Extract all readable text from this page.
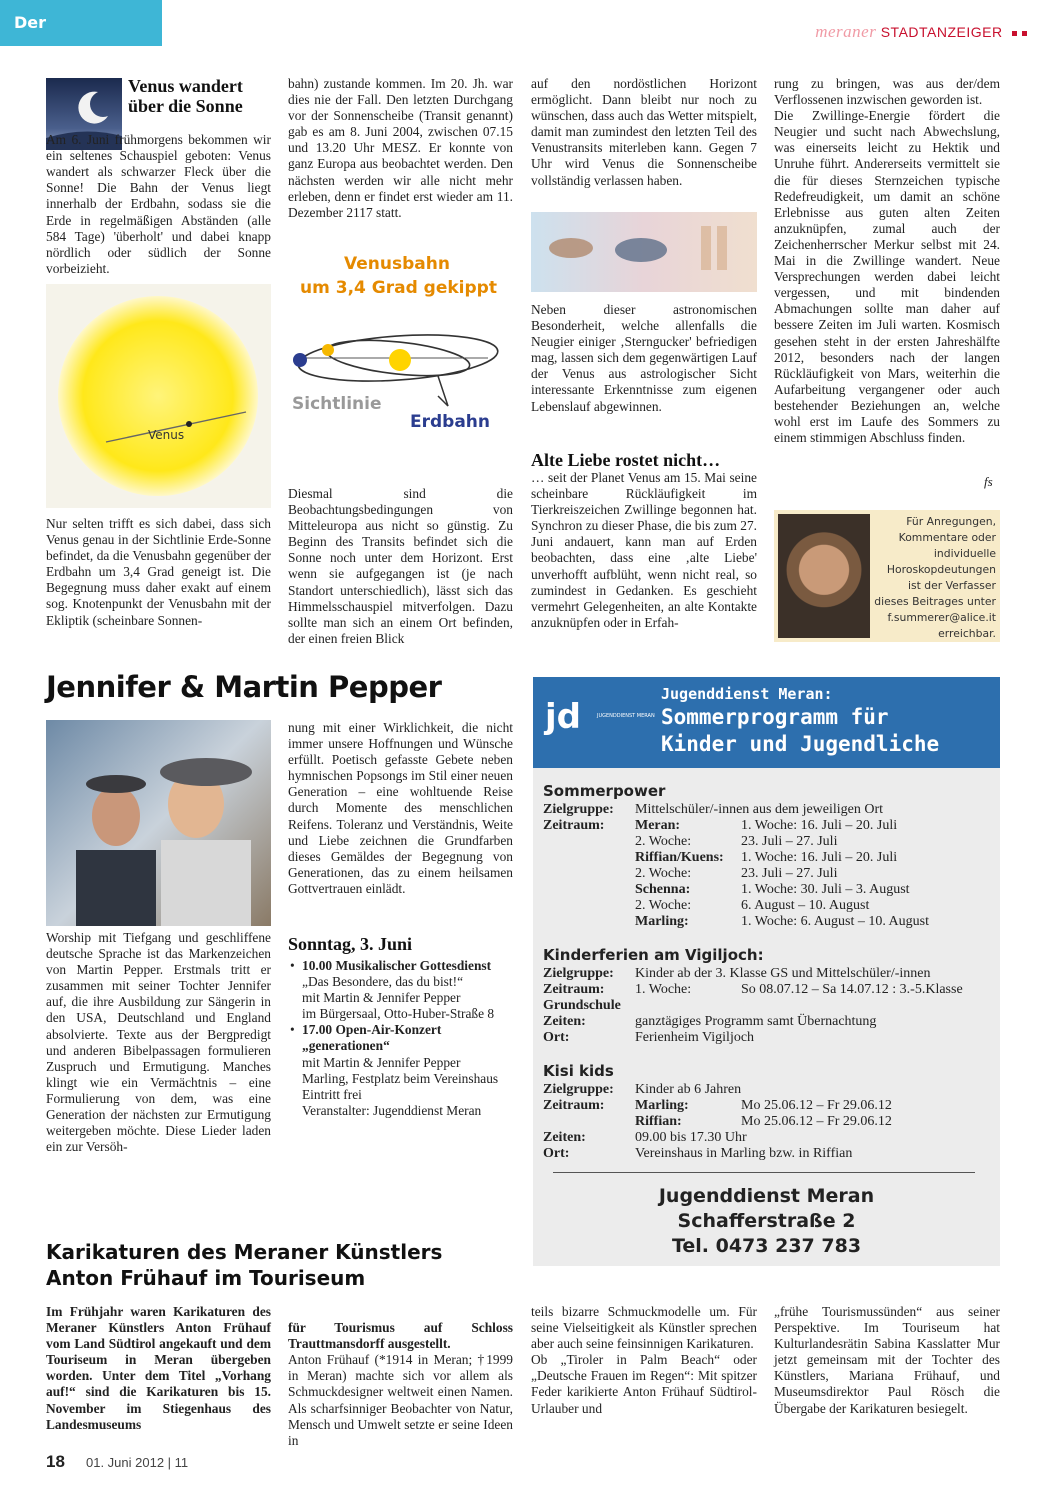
Der Sterngucker
meraner STADTANZEIGER
Venus wandert über die Sonne

Am 6. Juni frühmorgens bekommen wir ein seltenes Schauspiel geboten: Venus wandert als schwarzer Fleck über die Sonne! Die Bahn der Venus liegt innerhalb der Erdbahn, sodass sie die Erde in regelmäßigen Abständen (alle 584 Tage) 'überholt' und dabei knapp nördlich oder südlich der Sonne vorbeizieht.

Venus
Nur selten trifft es sich dabei, dass sich Venus genau in der Sichtlinie Erde-Sonne befindet, da die Venusbahn gegenüber der Erdbahn um 3,4 Grad geneigt ist. Die Begegnung muss daher exakt auf einem sog. Knotenpunkt der Venusbahn mit der Ekliptik (scheinbare Sonnen-
bahn) zustande kommen. Im 20. Jh. war dies nie der Fall. Den letzten Durchgang vor der Sonnenscheibe (Transit genannt) gab es am 8. Juni 2004, zwischen 07.15 und 13.20 Uhr MESZ. Er konnte von ganz Europa aus beobachtet werden. Den nächsten werden wir alle nicht mehr erleben, denn er findet erst wieder am 11. Dezember 2117 statt.
Venusbahn
um 3,4 Grad gekippt
Sichtlinie
Erdbahn
Diesmal sind die Beobachtungsbedingungen von Mitteleuropa aus nicht so günstig. Zu Beginn des Transits befindet sich die Sonne noch unter dem Horizont. Erst wenn sie aufgegangen ist (je nach Standort unterschiedlich), lässt sich das Himmelsschauspiel mitverfolgen. Dazu sollte man sich an einem Ort befinden, der einen freien Blick
auf den nordöstlichen Horizont ermöglicht. Dann bleibt nur noch zu wünschen, dass auch das Wetter mitspielt, damit man zumindest den letzten Teil des Venustransits miterleben kann. Gegen 7 Uhr wird Venus die Sonnenscheibe vollständig verlassen haben.
Neben dieser astronomischen Besonderheit, welche allenfalls die Neugier einiger ‚Sterngucker' befriedigen mag, lassen sich dem gegenwärtigen Lauf der Venus aus astrologischer Sicht interessante Erkenntnisse zum eigenen Lebenslauf abgewinnen.
Alte Liebe rostet nicht…
… seit der Planet Venus am 15. Mai seine scheinbare Rückläufigkeit im Tierkreiszeichen Zwillinge begonnen hat. Synchron zu dieser Phase, die bis zum 27. Juni andauert, kann man auf Erden beobachten, dass eine ‚alte Liebe' unverhofft aufblüht, wenn nicht real, so zumindest in Gedanken. Es geschieht vermehrt Gelegenheiten, an alte Kontakte anzuknüpfen oder in Erfah-
rung zu bringen, was aus der/dem Verflossenen inzwischen geworden ist.
Die Zwillinge-Energie fördert die Neugier und sucht nach Abwechslung, was einerseits leicht zu Hektik und Unruhe führt. Andererseits vermittelt sie die für dieses Sternzeichen typische Redefreudigkeit, um damit an schöne Erlebnisse aus guten alten Zeiten anzuknüpfen, zumal auch der Zeichenherrscher Merkur selbst mit 24. Mai in die Zwillinge wandert. Neue Versprechungen werden dabei leicht vergessen, und mit bindenden Abmachungen sollte man daher auf bessere Zeiten im Juli warten. Kosmisch gesehen steht in der ersten Jahreshälfte 2012, besonders nach der langen Rückläufigkeit von Mars, weiterhin die Aufarbeitung vergangener oder auch bestehender Beziehungen an, welche wohl erst im Laufe des Sommers zu einem stimmigen Abschluss finden.
fs
Für Anregungen, Kommentare oder individuelle Horoskopdeutungen ist der Verfasser dieses Beitrages unter f.summerer@alice.it erreichbar.
Jennifer & Martin Pepper
Worship mit Tiefgang und geschliffene deutsche Sprache ist das Markenzeichen von Martin Pepper. Erstmals tritt er zusammen mit seiner Tochter Jennifer auf, die ihre Ausbildung zur Sängerin in den USA, Deutschland und England absolvierte. Texte aus der Bergpredigt und anderen Bibelpassagen formulieren Zuspruch und Ermutigung. Manches klingt wie ein Vermächtnis – eine Formulierung von dem, was eine Generation der nächsten zur Ermutigung weitergeben möchte. Diese Lieder laden ein zur Versöh-
nung mit einer Wirklichkeit, die nicht immer unsere Hoffnungen und Wünsche erfüllt. Poetisch gefasste Gebete neben hymnischen Popsongs im Stil einer neuen Generation – eine wohltuende Reise durch Momente des menschlichen Reifens. Toleranz und Verständnis, Weite und Liebe zeichnen die Grundfarben dieses Gemäldes der Begegnung von Generationen, das zu einem heilsamen Gottvertrauen einlädt.
Sonntag, 3. Juni
• 10.00 Musikalischer Gottesdienst
„Das Besondere, das du bist!“
mit Martin & Jennifer Pepper
im Bürgersaal, Otto-Huber-Straße 8
• 17.00 Open-Air-Konzert „generationen“
mit Martin & Jennifer Pepper
Marling, Festplatz beim Vereinshaus
Eintritt frei
Veranstalter: Jugenddienst Meran
jd	JUGENDDIENST MERAN
Jugenddienst Meran:
Sommerprogramm für
Kinder und Jugendliche
Sommerpower
Zielgruppe: Mittelschüler/-innen aus dem jeweiligen Ort
Zeitraum: Meran:	1. Woche: 16. Juli – 20. Juli
2. Woche:	23. Juli – 27. Juli
Riffian/Kuens: 1. Woche: 16. Juli – 20. Juli
2. Woche:	23. Juli – 27. Juli
Schenna:	1. Woche: 30. Juli – 3. August
2. Woche:	6. August – 10. August
Marling:	1. Woche: 6. August – 10. August
Kinderferien am Vigiljoch:
Zielgruppe: Kinder ab der 3. Klasse GS und Mittelschüler/-innen
Zeitraum: 1. Woche:	So 08.07.12 – Sa 14.07.12 : 3.-5.Klasse
Grundschule
Zeiten:	ganztägiges Programm samt Übernachtung
Ort:	Ferienheim Vigiljoch
Kisi kids
Zielgruppe: Kinder ab 6 Jahren
Zeitraum: Marling:	Mo 25.06.12 – Fr 29.06.12
Riffian:	Mo 25.06.12 – Fr 29.06.12
Zeiten:	09.00 bis 17.30 Uhr
Ort:	Vereinshaus in Marling bzw. in Riffian
Jugenddienst Meran
Schafferstraße 2
Tel. 0473 237 783
Karikaturen des Meraner Künstlers
Anton Frühauf im Touriseum
Im Frühjahr waren Karikaturen des Meraner Künstlers Anton Frühauf vom Land Südtirol angekauft und dem Touriseum in Meran übergeben worden. Unter dem Titel „Vorhang auf!“ sind die Karikaturen bis 15. November im Stiegenhaus des Landesmuseums

für Tourismus auf Schloss Trauttmansdorff ausgestellt.
Anton Frühauf (*1914 in Meran; †1999 in Meran) machte sich vor allem als Schmuckdesigner weltweit einen Namen. Als scharfsinniger Beobachter von Natur, Mensch und Umwelt setzte er seine Ideen in

teils bizarre Schmuckmodelle um. Für seine Vielseitigkeit als Künstler sprechen aber auch seine feinsinnigen Karikaturen.
Ob „Tiroler in Palm Beach“ oder „Deutsche Frauen im Regen“: Mit spitzer Feder karikierte Anton Frühauf Südtirol-Urlauber und
„frühe Tourismussünden“ aus seiner Perspektive. Im Touriseum hat Kulturlandesrätin Sabina Kasslatter Mur jetzt gemeinsam mit der Tochter des Künstlers, Mariana Frühauf, und Museumsdirektor Paul Rösch die Übergabe der Karikaturen besiegelt.
18 01. Juni 2012 | 11
